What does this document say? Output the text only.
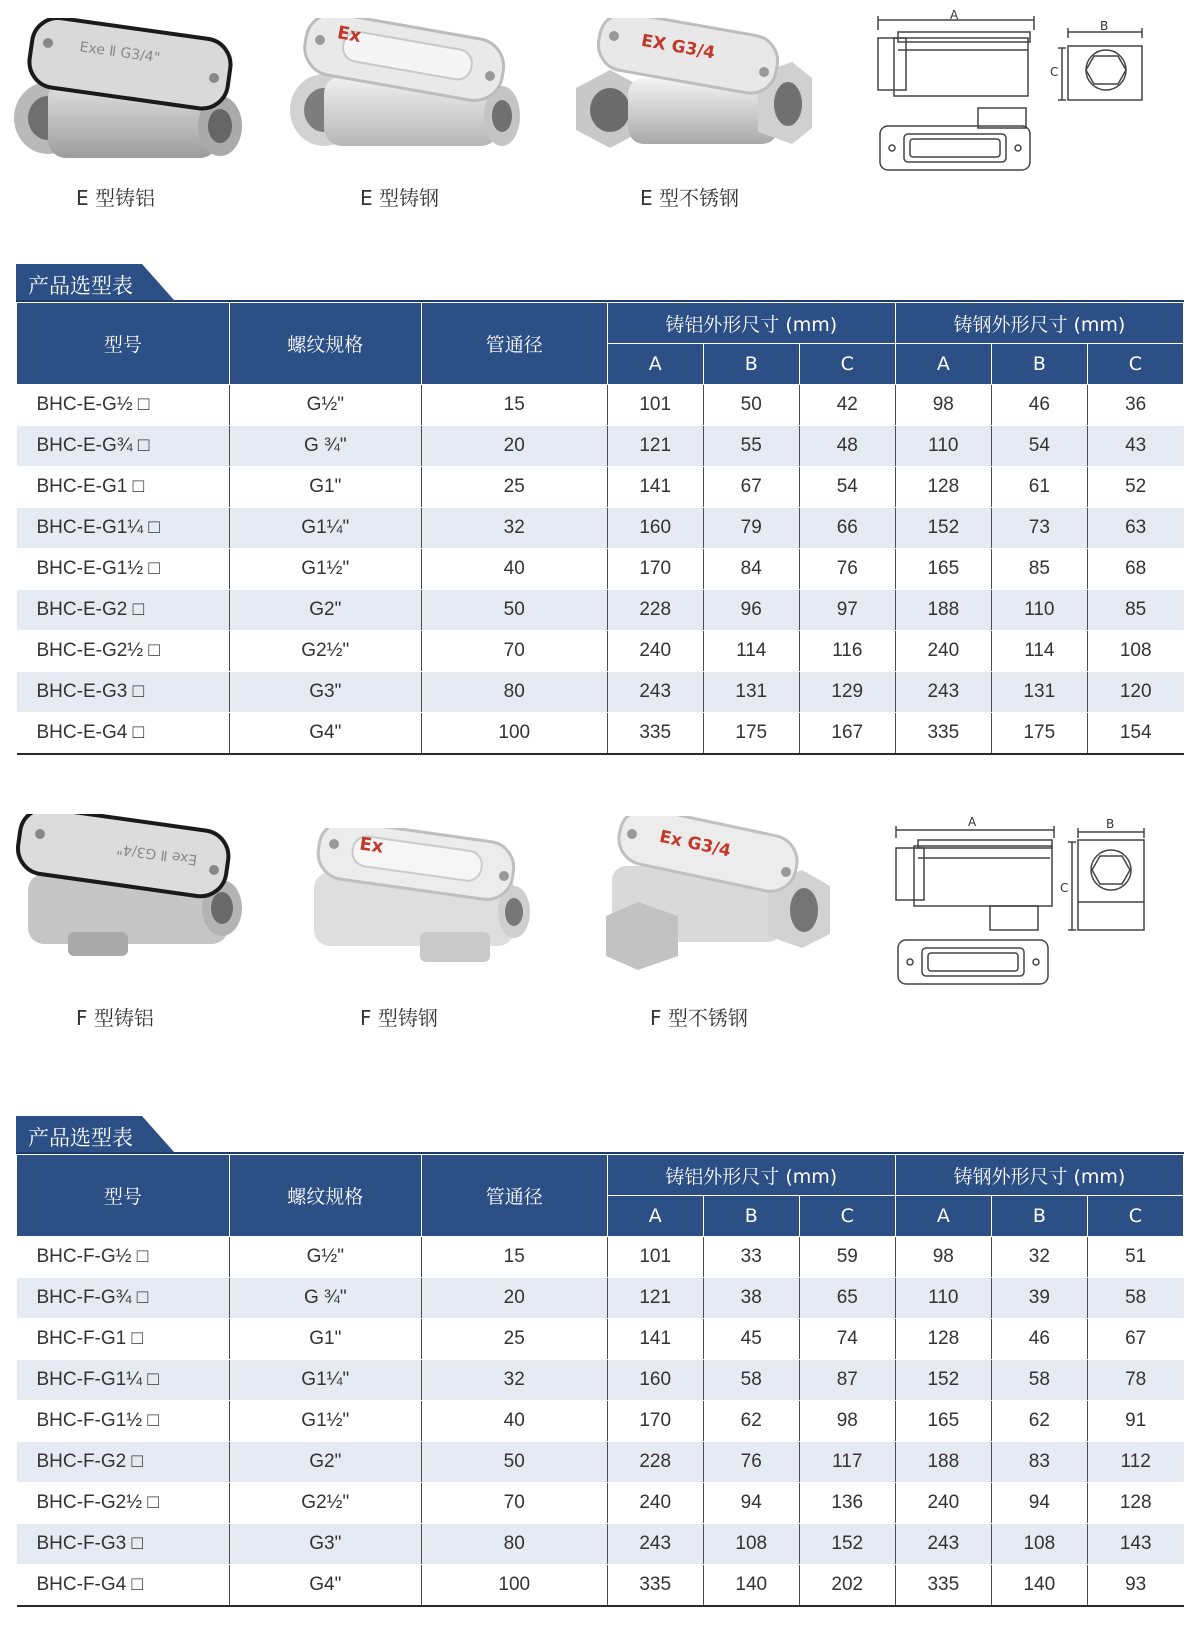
Exe Ⅱ G3/4"
Ex	EX G3/4
A
B
C
E 型铸铝	E 型铸钢	E 型不锈钢
产品选型表
型号	螺纹规格	管通径	铸铝外形尺寸 (mm)			铸钢外形尺寸 (mm)		
			A	B	C	A	B	C
BHC-E-G½ □	G½"	15	101	50	42	98	46	36
BHC-E-G¾ □	G ¾"	20	121	55	48	110	54	43
BHC-E-G1 □	G1"	25	141	67	54	128	61	52
BHC-E-G1¼ □	G1¼"	32	160	79	66	152	73	63
BHC-E-G1½ □	G1½"	40	170	84	76	165	85	68
BHC-E-G2 □	G2"	50	228	96	97	188	110	85
BHC-E-G2½ □	G2½"	70	240	114	116	240	114	108
BHC-E-G3 □	G3"	80	243	131	129	243	131	120
BHC-E-G4 □	G4"	100	335	175	167	335	175	154
Exe Ⅱ G3/4"	Ex	Ex G3/4
A	B
C
F 型铸铝	F 型铸钢	F 型不锈钢
产品选型表
型号	螺纹规格	管通径	铸铝外形尺寸 (mm)			铸钢外形尺寸 (mm)		
			A	B	C	A	B	C
BHC-F-G½ □	G½"	15	101	33	59	98	32	51
BHC-F-G¾ □	G ¾"	20	121	38	65	110	39	58
BHC-F-G1 □	G1"	25	141	45	74	128	46	67
BHC-F-G1¼ □	G1¼"	32	160	58	87	152	58	78
BHC-F-G1½ □	G1½"	40	170	62	98	165	62	91
BHC-F-G2 □	G2"	50	228	76	117	188	83	112
BHC-F-G2½ □	G2½"	70	240	94	136	240	94	128
BHC-F-G3 □	G3"	80	243	108	152	243	108	143
BHC-F-G4 □	G4"	100	335	140	202	335	140	93
